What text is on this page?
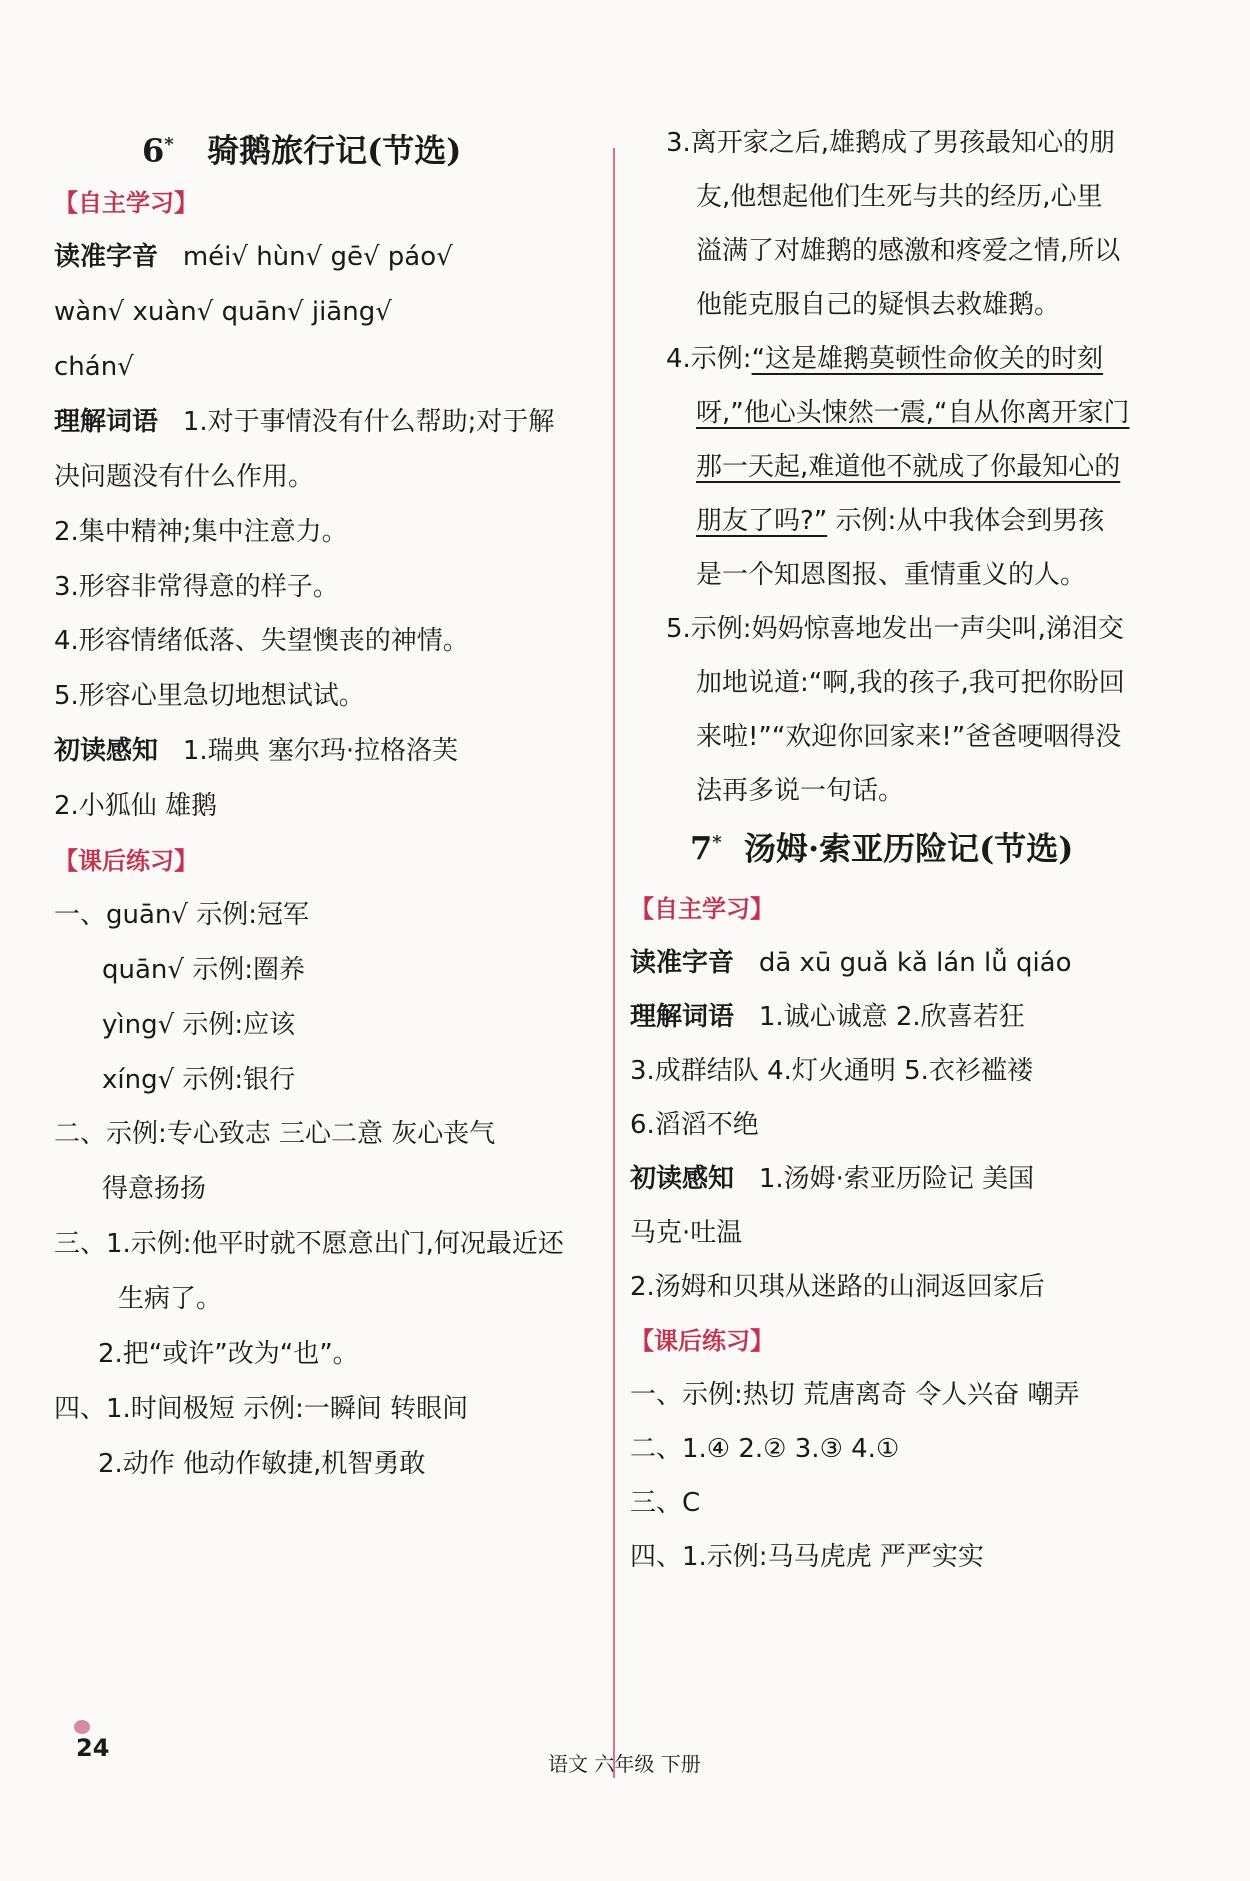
6* 骑鹅旅行记(节选)
【自主学习】
读准字音 méi√ hùn√ gē√ páo√
wàn√ xuàn√ quān√ jiāng√
chán√
理解词语 1.对于事情没有什么帮助;对于解
决问题没有什么作用。
2.集中精神;集中注意力。
3.形容非常得意的样子。
4.形容情绪低落、失望懊丧的神情。
5.形容心里急切地想试试。
初读感知 1.瑞典 塞尔玛·拉格洛芙
2.小狐仙 雄鹅
【课后练习】
一、guān√ 示例:冠军
quān√ 示例:圈养
yìng√ 示例:应该
xíng√ 示例:银行
二、示例:专心致志 三心二意 灰心丧气
得意扬扬
三、1.示例:他平时就不愿意出门,何况最近还
生病了。
2.把“或许”改为“也”。
四、1.时间极短 示例:一瞬间 转眼间
2.动作 他动作敏捷,机智勇敢
3.离开家之后,雄鹅成了男孩最知心的朋
友,他想起他们生死与共的经历,心里
溢满了对雄鹅的感激和疼爱之情,所以
他能克服自己的疑惧去救雄鹅。
4.示例:“这是雄鹅莫顿性命攸关的时刻
呀,”他心头悚然一震,“自从你离开家门
那一天起,难道他不就成了你最知心的
朋友了吗?” 示例:从中我体会到男孩
是一个知恩图报、重情重义的人。
5.示例:妈妈惊喜地发出一声尖叫,涕泪交
加地说道:“啊,我的孩子,我可把你盼回
来啦!”“欢迎你回家来!”爸爸哽咽得没
法再多说一句话。
7* 汤姆·索亚历险记(节选)
【自主学习】
读准字音 dā xū guǎ kǎ lán lǚ qiáo
理解词语 1.诚心诚意 2.欣喜若狂
3.成群结队 4.灯火通明 5.衣衫褴褛
6.滔滔不绝
初读感知 1.汤姆·索亚历险记 美国
马克·吐温
2.汤姆和贝琪从迷路的山洞返回家后
【课后练习】
一、示例:热切 荒唐离奇 令人兴奋 嘲弄
二、1.④ 2.② 3.③ 4.①
三、C
四、1.示例:马马虎虎 严严实实
24
语文 六年级 下册
